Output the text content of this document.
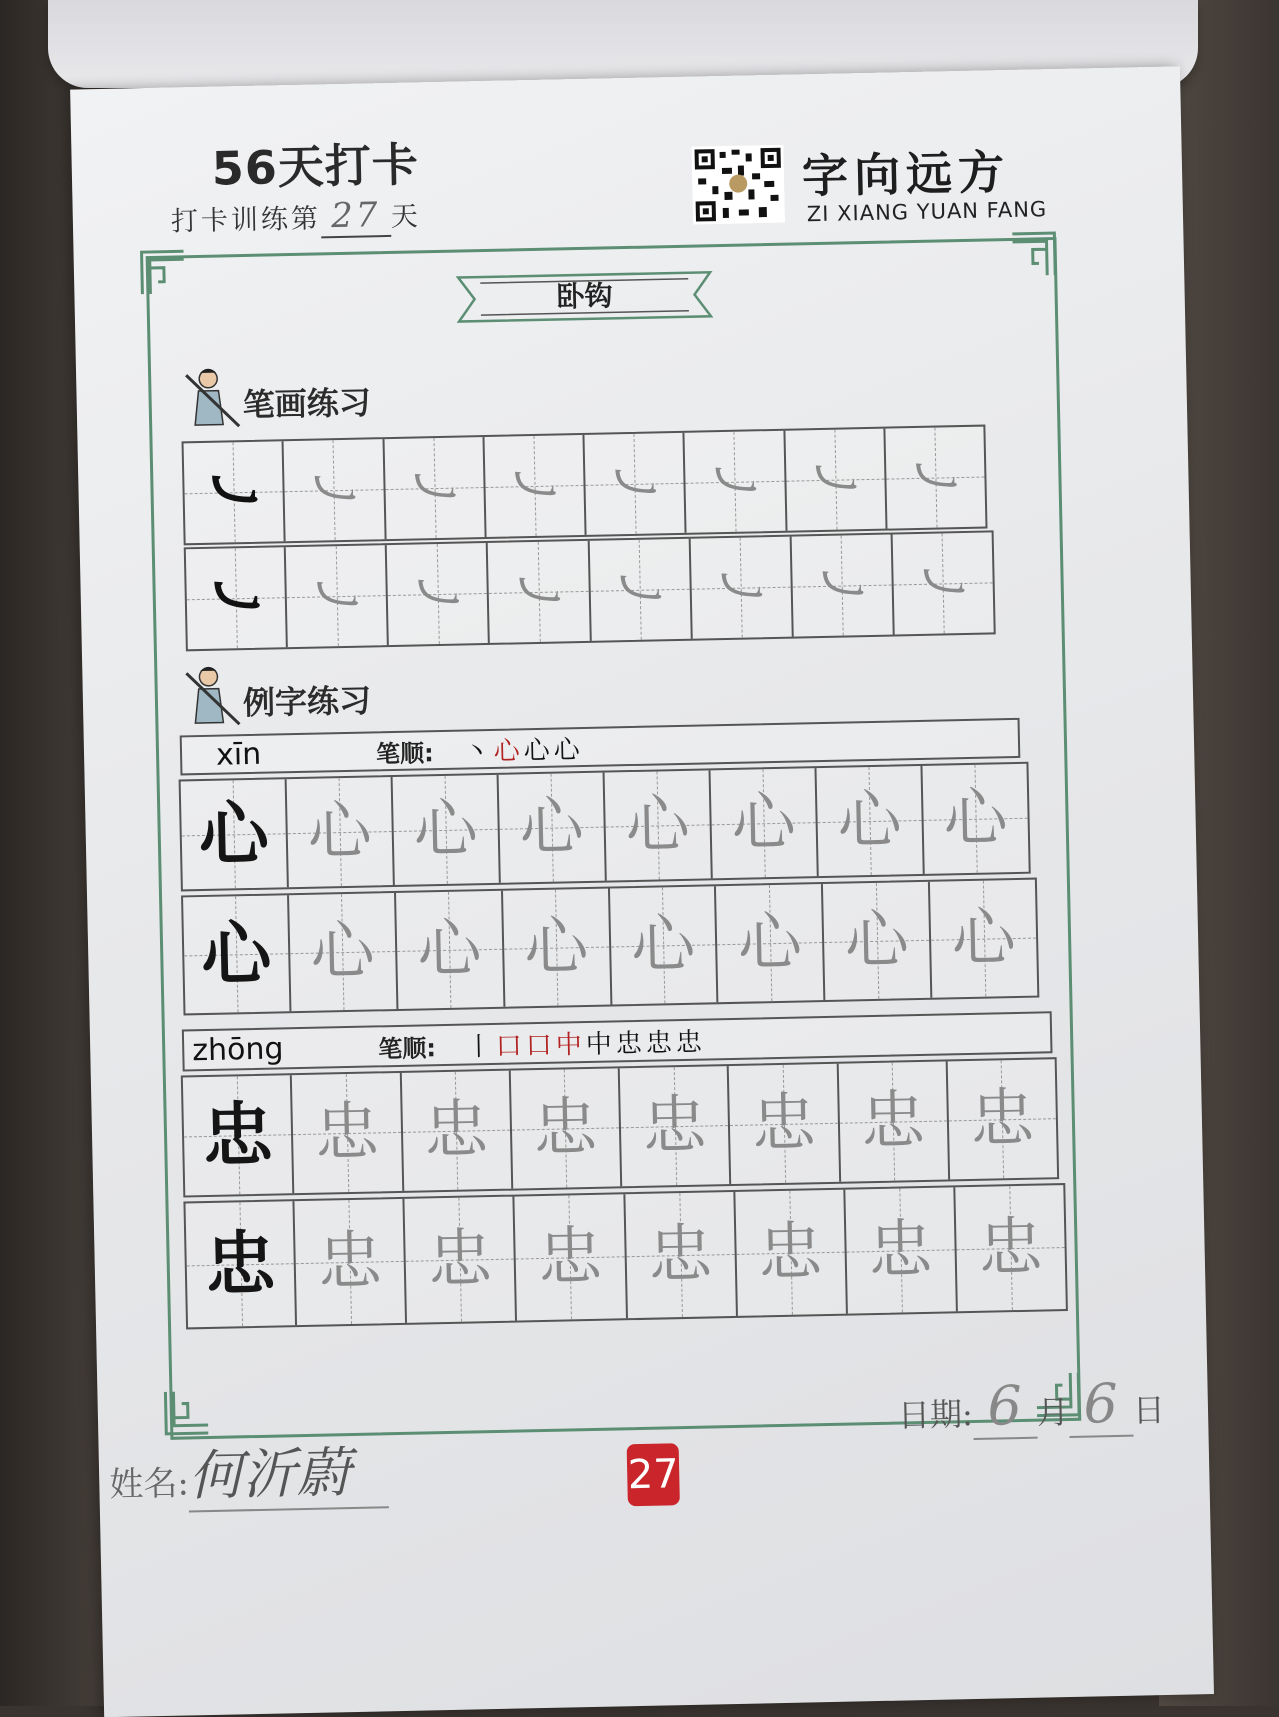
56天打卡
打卡训练第 27 天
字向远方
ZI XIANG YUAN FANG
卧钩
笔画练习
㇃ ㇃ ㇃ ㇃ ㇃ ㇃ ㇃ ㇃
㇃ ㇃ ㇃ ㇃ ㇃ ㇃ ㇃ ㇃
例字练习
xīn	笔顺: 丶心心心
心 心 心 心 心 心 心 心
心 心 心 心 心 心 心 心
zhōng	笔顺: 丨口口中中忠忠忠
忠 忠 忠 忠 忠 忠 忠 忠
忠 忠 忠 忠 忠 忠 忠 忠
姓名:何沂蔚	27
日期: 6 月 6 日
